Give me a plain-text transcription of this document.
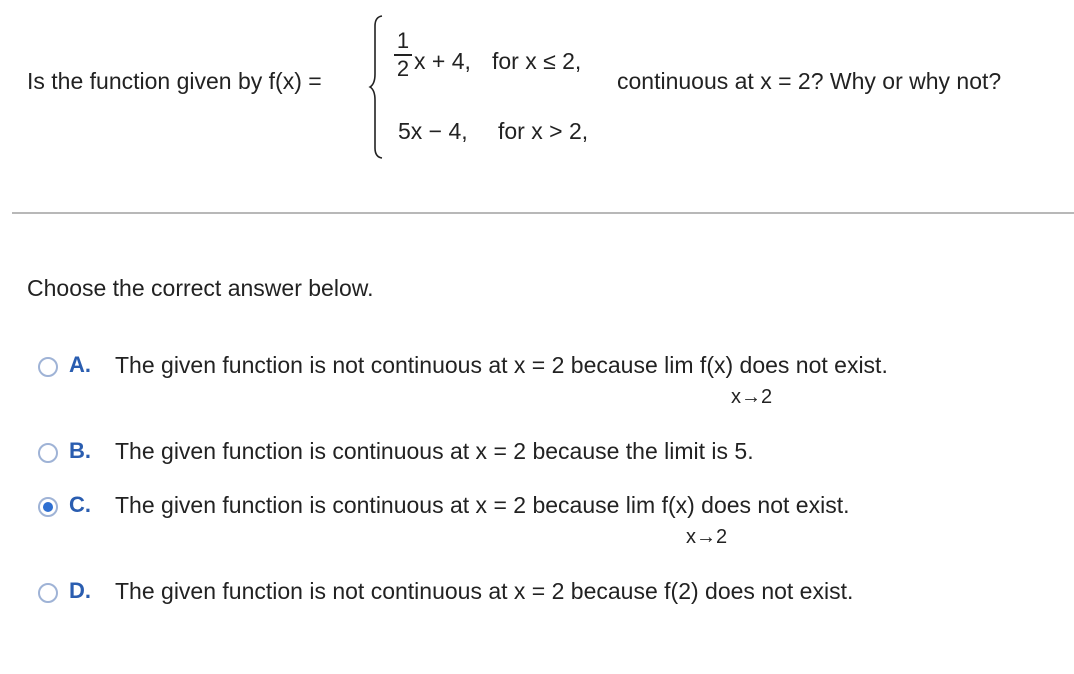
Is the function given by f(x) =
1
2 x + 4, for x ≤ 2,
5x − 4, for x > 2,
continuous at x = 2? Why or why not?
Choose the correct answer below.
A. The given function is not continuous at x = 2 because lim f(x) does not exist.
x→2
B. The given function is continuous at x = 2 because the limit is 5.
C. The given function is continuous at x = 2 because lim f(x) does not exist.
x→2
D. The given function is not continuous at x = 2 because f(2) does not exist.
